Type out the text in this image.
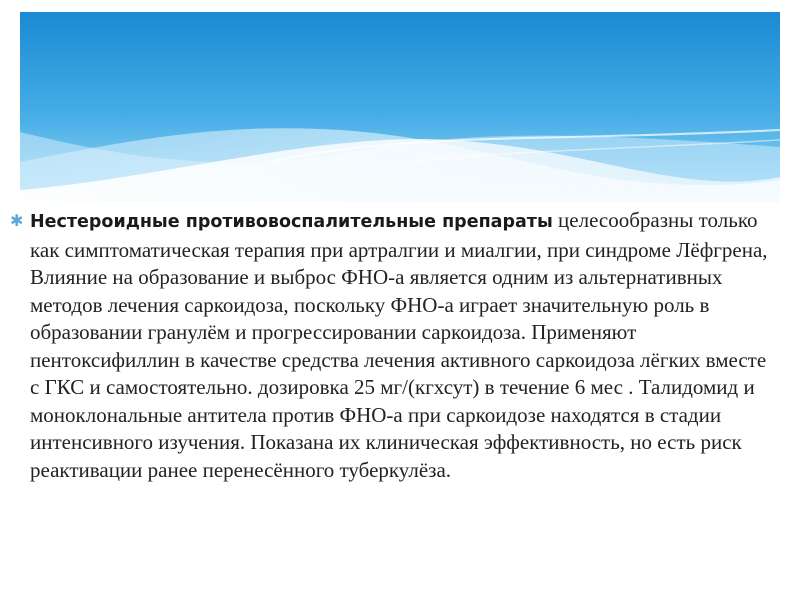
✱ Нестероидные противовоспалительные препараты целесообразны только как симптоматическая терапия при артралгии и миалгии, при синдроме Лёфгрена, Влияние на образование и выброс ФНО-а является одним из альтернативных методов лечения саркоидоза, поскольку ФНО-а играет значительную роль в образовании гранулём и прогрессировании саркоидоза. Применяют пентоксифиллин в качестве средства лечения активного саркоидоза лёгких вместе с ГКС и самостоятельно. дозировка 25 мг/(кгхсут) в течение 6 мес . Талидомид и моноклональные антитела против ФНО-а при саркоидозе находятся в стадии интенсивного изучения. Показана их клиническая эффективность, но есть риск реактивации ранее перенесённого туберкулёза.
